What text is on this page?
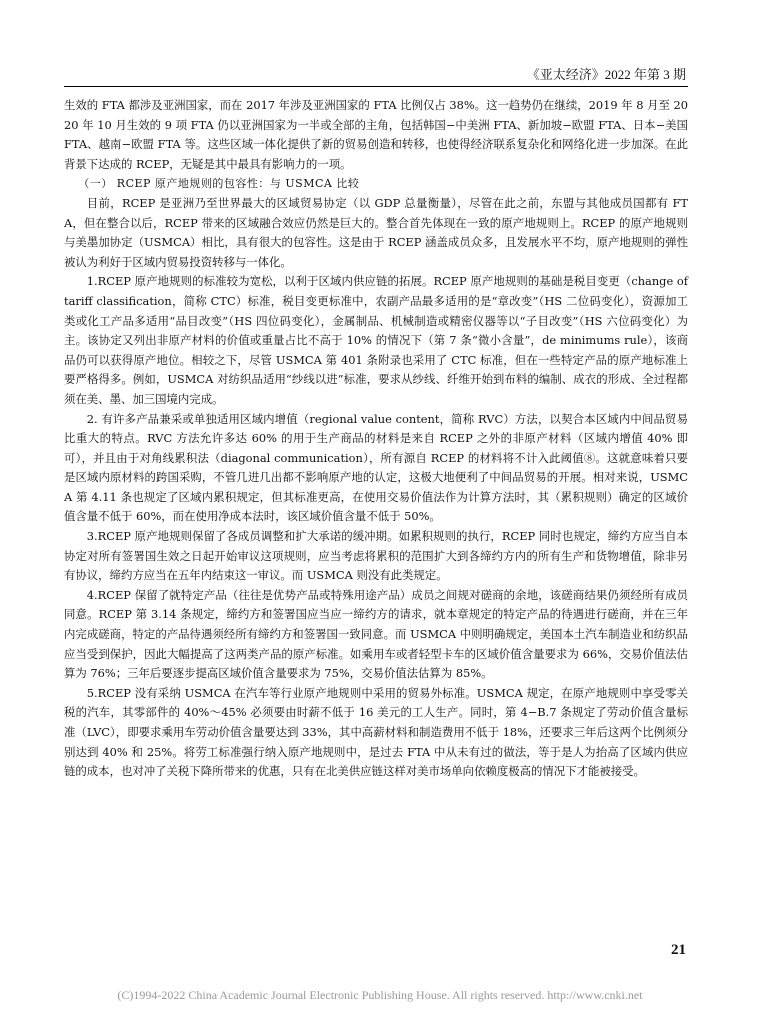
《亚太经济》2022 年第 3 期

生效的 FTA 都涉及亚洲国家，而在 2017 年涉及亚洲国家的 FTA 比例仅占 38%。这一趋势仍在继续，2019 年 8 月至 2020 年 10 月生效的 9 项 FTA 仍以亚洲国家为一半或全部的主角，包括韩国−中美洲 FTA、新加坡−欧盟 FTA、日本−美国 FTA、越南−欧盟 FTA 等。这些区域一体化提供了新的贸易创造和转移，也使得经济联系复杂化和网络化进一步加深。在此背景下达成的 RCEP，无疑是其中最具有影响力的一项。

（一） RCEP 原产地规则的包容性：与 USMCA 比较

目前，RCEP 是亚洲乃至世界最大的区域贸易协定（以 GDP 总量衡量），尽管在此之前，东盟与其他成员国都有 FTA，但在整合以后，RCEP 带来的区域融合效应仍然是巨大的。整合首先体现在一致的原产地规则上。RCEP 的原产地规则与美墨加协定（USMCA）相比，具有很大的包容性。这是由于 RCEP 涵盖成员众多，且发展水平不均，原产地规则的弹性被认为利好于区域内贸易投资转移与一体化。

1.RCEP 原产地规则的标准较为宽松，以利于区域内供应链的拓展。RCEP 原产地规则的基础是税目变更（change of tariff classification，简称 CTC）标准，税目变更标准中，农副产品最多适用的是“章改变”（HS 二位码变化），资源加工类或化工产品多适用“品目改变”（HS 四位码变化），金属制品、机械制造或精密仪器等以“子目改变”（HS 六位码变化）为主。该协定又列出非原产材料的价值或重量占比不高于 10% 的情况下（第 7 条“微小含量”，de minimums rule），该商品仍可以获得原产地位。相较之下，尽管 USMCA 第 401 条附录也采用了 CTC 标准，但在一些特定产品的原产地标准上要严格得多。例如，USMCA 对纺织品适用“纱线以进”标准，要求从纱线、纤维开始到布料的编制、成衣的形成、全过程都须在美、墨、加三国境内完成。

2. 有许多产品兼采或单独适用区域内增值（regional value content，简称 RVC）方法，以契合本区域内中间品贸易比重大的特点。RVC 方法允许多达 60% 的用于生产商品的材料是来自 RCEP 之外的非原产材料（区域内增值 40% 即可），并且由于对角线累积法（diagonal communication），所有源自 RCEP 的材料将不计入此阈值⑧。这就意味着只要是区域内原材料的跨国采购，不管几进几出都不影响原产地的认定，这极大地便利了中间品贸易的开展。相对来说，USMCA 第 4.11 条也规定了区域内累积规定，但其标准更高，在使用交易价值法作为计算方法时，其（累积规则）确定的区域价值含量不低于 60%，而在使用净成本法时，该区域价值含量不低于 50%。

3.RCEP 原产地规则保留了各成员调整和扩大承诺的缓冲期。如累积规则的执行，RCEP 同时也规定，缔约方应当自本协定对所有签署国生效之日起开始审议这项规则，应当考虑将累积的范围扩大到各缔约方内的所有生产和货物增值，除非另有协议，缔约方应当在五年内结束这一审议。而 USMCA 则没有此类规定。

4.RCEP 保留了就特定产品（往往是优势产品或特殊用途产品）成员之间规对磋商的余地，该磋商结果仍须经所有成员同意。RCEP 第 3.14 条规定，缔约方和签署国应当应一缔约方的请求，就本章规定的特定产品的待遇进行磋商，并在三年内完成磋商，特定的产品待遇须经所有缔约方和签署国一致同意。而 USMCA 中则明确规定，美国本土汽车制造业和纺织品应当受到保护，因此大幅提高了这两类产品的原产标准。如乘用车或者轻型卡车的区域价值含量要求为 66%，交易价值法估算为 76%；三年后要逐步提高区域价值含量要求为 75%，交易价值法估算为 85%。

5.RCEP 没有采纳 USMCA 在汽车等行业原产地规则中采用的贸易外标准。USMCA 规定，在原产地规则中享受零关税的汽车，其零部件的 40%～45% 必须要由时薪不低于 16 美元的工人生产。同时，第 4−B.7 条规定了劳动价值含量标准（LVC），即要求乘用车劳动价值含量要达到 33%，其中高薪材料和制造费用不低于 18%，还要求三年后这两个比例须分别达到 40% 和 25%。将劳工标准强行纳入原产地规则中，是过去 FTA 中从未有过的做法，等于是人为抬高了区域内供应链的成本，也对冲了关税下降所带来的优惠，只有在北美供应链这样对美市场单向依赖度极高的情况下才能被接受。

21
(C)1994-2022 China Academic Journal Electronic Publishing House. All rights reserved. http://www.cnki.net
